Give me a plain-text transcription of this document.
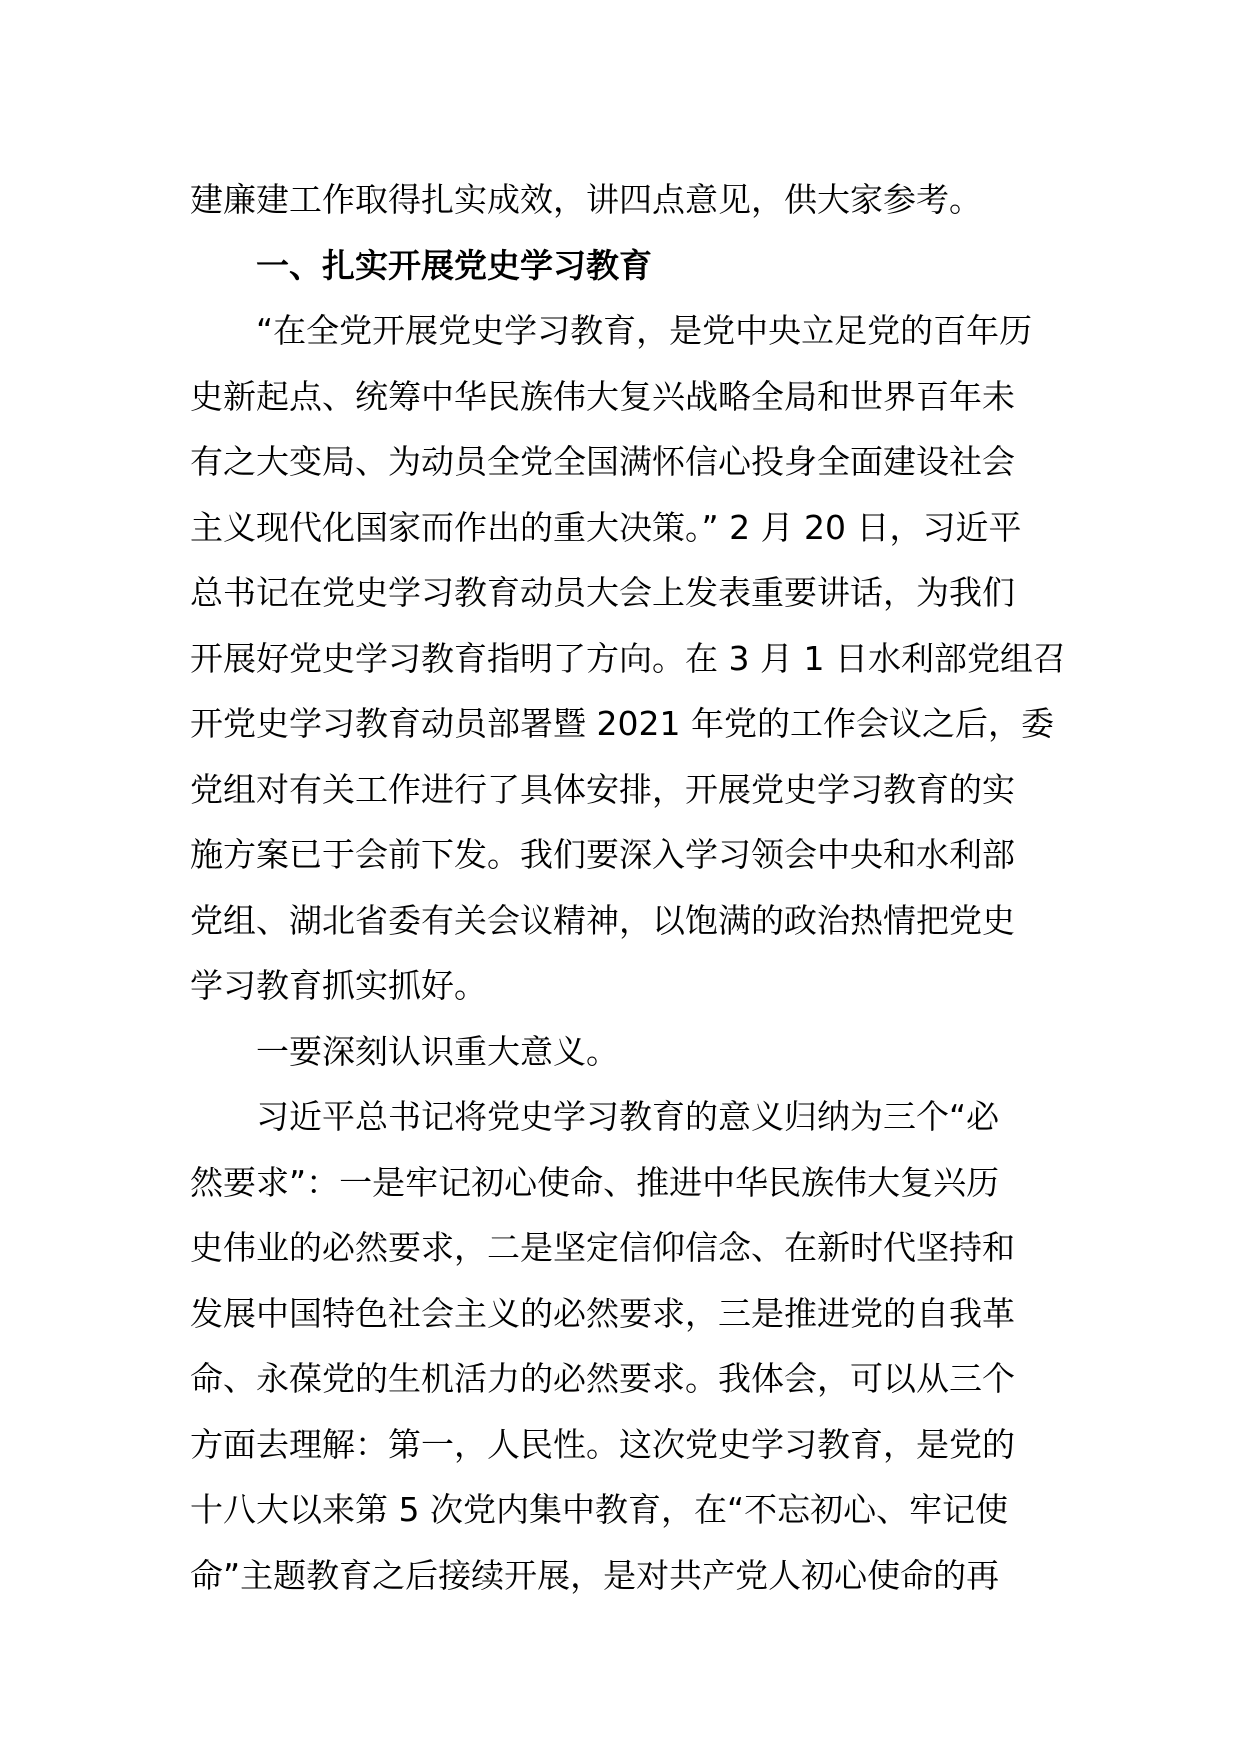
建廉建工作取得扎实成效，讲四点意见，供大家参考。
一、扎实开展党史学习教育
“在全党开展党史学习教育，是党中央立足党的百年历
史新起点、统筹中华民族伟大复兴战略全局和世界百年未
有之大变局、为动员全党全国满怀信心投身全面建设社会
主义现代化国家而作出的重大决策。” 2 月 20 日，习近平
总书记在党史学习教育动员大会上发表重要讲话，为我们
开展好党史学习教育指明了方向。在 3 月 1 日水利部党组召
开党史学习教育动员部署暨 2021 年党的工作会议之后，委
党组对有关工作进行了具体安排，开展党史学习教育的实
施方案已于会前下发。我们要深入学习领会中央和水利部
党组、湖北省委有关会议精神，以饱满的政治热情把党史
学习教育抓实抓好。
一要深刻认识重大意义。
习近平总书记将党史学习教育的意义归纳为三个“必
然要求”：一是牢记初心使命、推进中华民族伟大复兴历
史伟业的必然要求，二是坚定信仰信念、在新时代坚持和
发展中国特色社会主义的必然要求，三是推进党的自我革
命、永葆党的生机活力的必然要求。我体会，可以从三个
方面去理解：第一，人民性。这次党史学习教育，是党的
十八大以来第 5 次党内集中教育，在“不忘初心、牢记使
命”主题教育之后接续开展，是对共产党人初心使命的再
